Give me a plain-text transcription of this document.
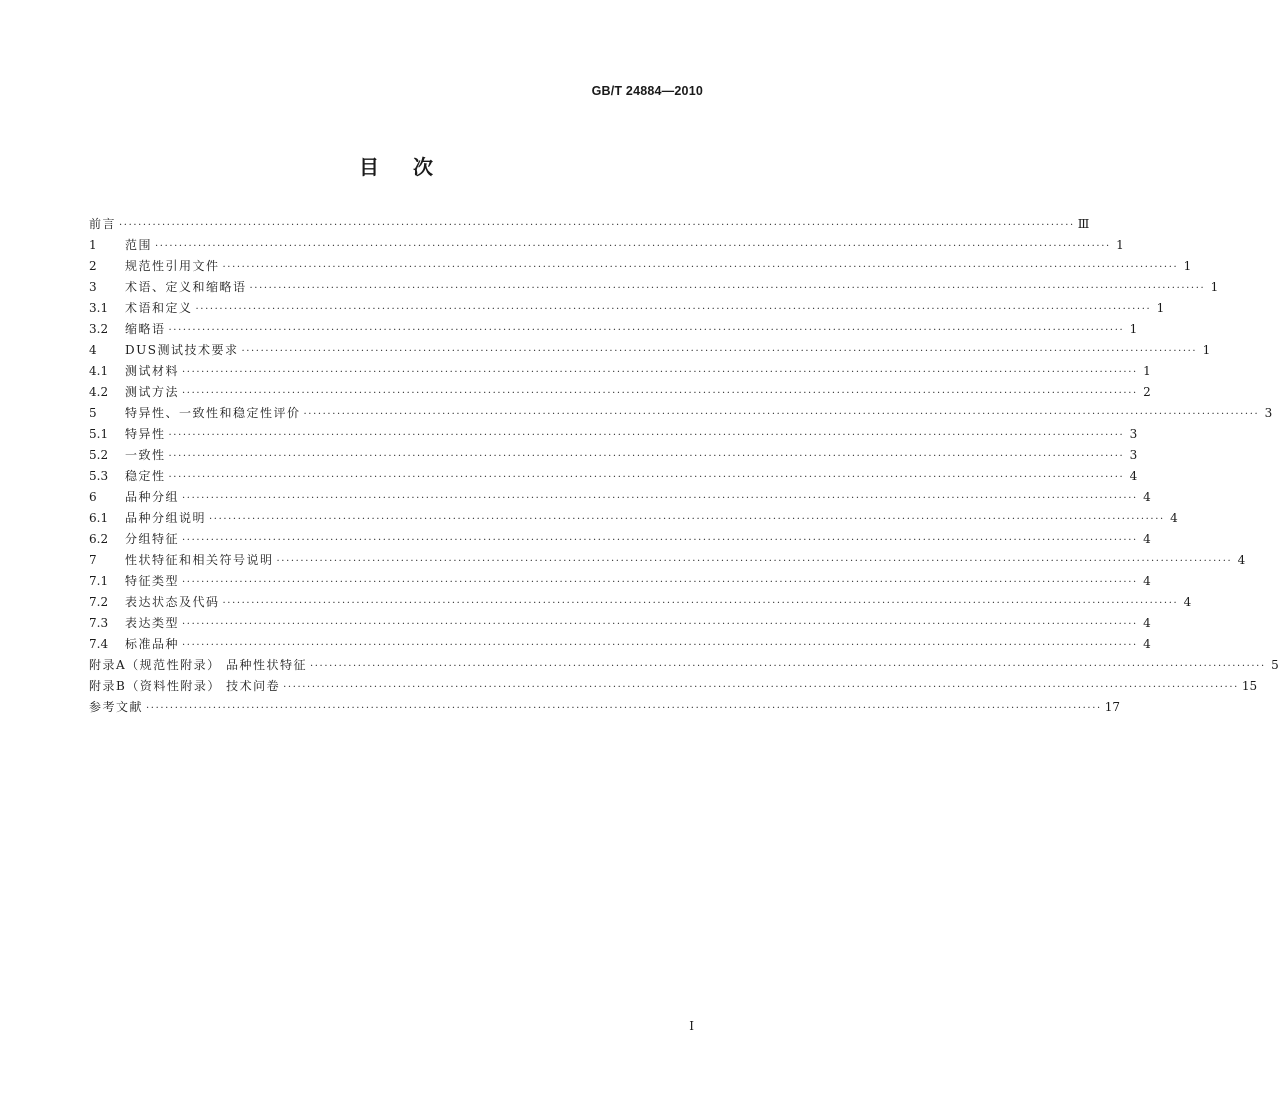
GB/T 24884—2010
目次
前言 ········································································································································································································ Ⅲ
1	范围 ········································································································································································································ 1
2	规范性引用文件 ········································································································································································································ 1
3	术语、定义和缩略语 ········································································································································································································ 1
3.1	术语和定义 ········································································································································································································ 1
3.2	缩略语 ········································································································································································································ 1
4	DUS测试技术要求 ········································································································································································································ 1
4.1	测试材料 ········································································································································································································ 1
4.2	测试方法 ········································································································································································································ 2
5	特异性、一致性和稳定性评价 ········································································································································································································ 3
5.1	特异性 ········································································································································································································ 3
5.2	一致性 ········································································································································································································ 3
5.3	稳定性 ········································································································································································································ 4
6	品种分组 ········································································································································································································ 4
6.1	品种分组说明 ········································································································································································································ 4
6.2	分组特征 ········································································································································································································ 4
7	性状特征和相关符号说明 ········································································································································································································ 4
7.1	特征类型 ········································································································································································································ 4
7.2	表达状态及代码 ········································································································································································································ 4
7.3	表达类型 ········································································································································································································ 4
7.4	标准品种 ········································································································································································································ 4
附录A（规范性附录） 品种性状特征 ········································································································································································································ 5
附录B（资料性附录） 技术问卷 ········································································································································································································ 15
参考文献 ········································································································································································································ 17
I
